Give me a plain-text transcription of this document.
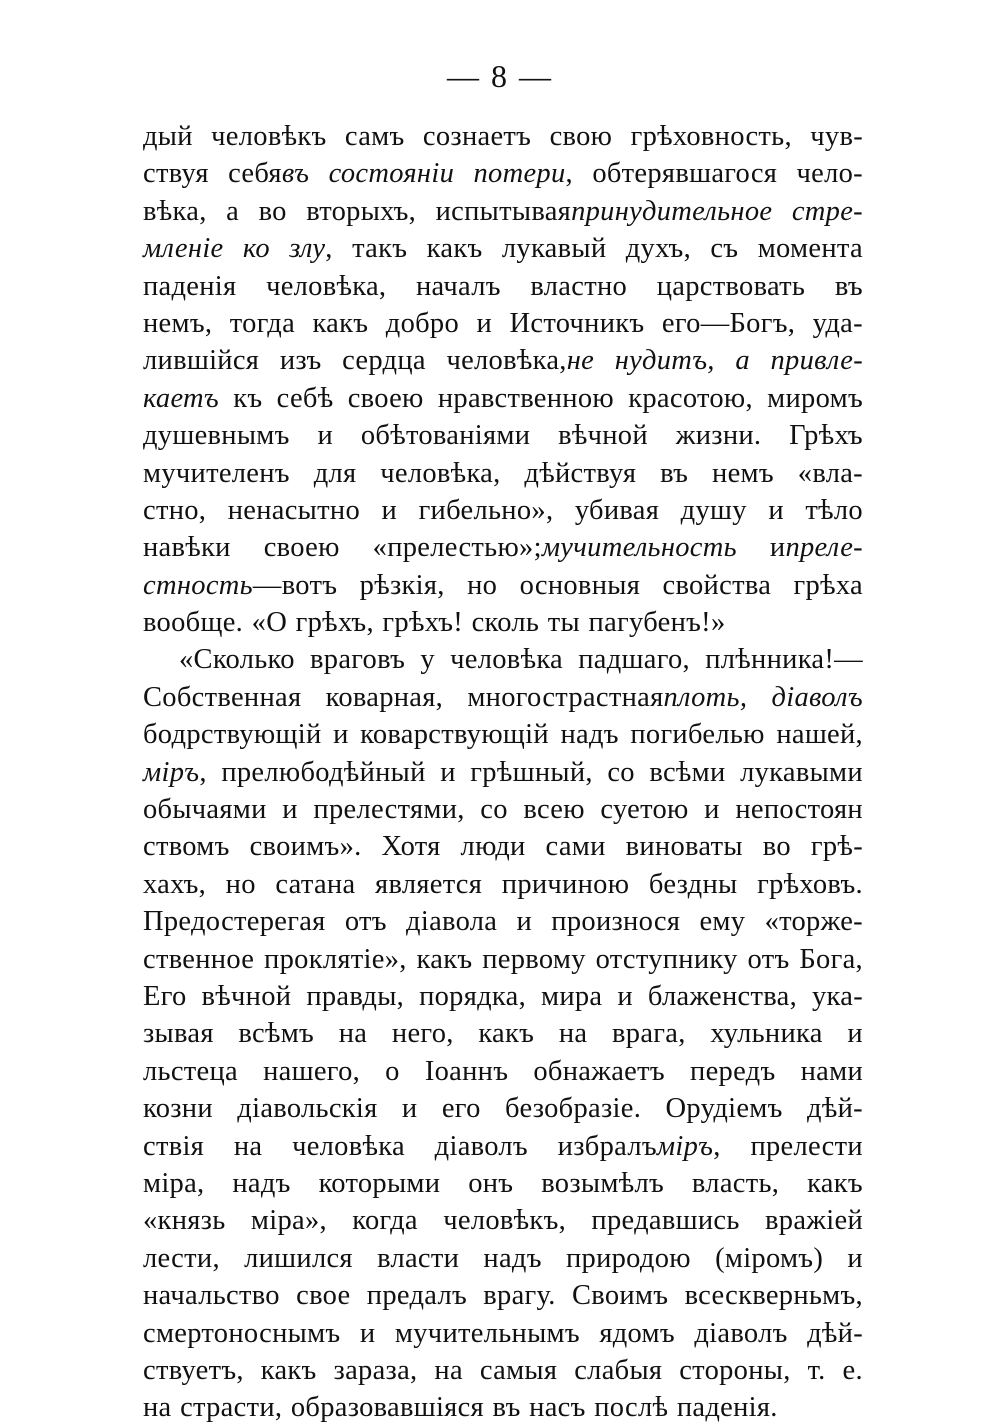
— 8 —
дый человѣкъ самъ сознаетъ свою грѣховность, чув-
ствуя себявъ состояніи потери, обтерявшагося чело-
вѣка, а во вторыхъ, испытываяпринудительное стре-
мленіе ко злу, такъ какъ лукавый духъ, съ момента
паденія человѣка, началъ властно царствовать въ
немъ, тогда какъ добро и Источникъ его—Богъ, уда-
лившійся изъ сердца человѣка,не нудитъ, а привле-
каетъ къ себѣ своею нравственною красотою, миромъ
душевнымъ и обѣтованіями вѣчной жизни. Грѣхъ
мучителенъ для человѣка, дѣйствуя въ немъ «вла-
стно, ненасытно и гибельно», убивая душу и тѣло
навѣки своею «прелестью»;мучительность ипреле-
стность—вотъ рѣзкія, но основныя свойства грѣха
вообще. «О грѣхъ, грѣхъ! сколь ты пагубенъ!»
«Сколько враговъ у человѣка падшаго, плѣнника!—
Собственная коварная, многострастнаяплоть, діаволъ
бодрствующій и коварствующій надъ погибелью нашей,
міръ, прелюбодѣйный и грѣшный, со всѣми лукавыми
обычаями и прелестями, со всею суетою и непостоян
ствомъ своимъ». Хотя люди сами виноваты во грѣ-
хахъ, но сатана является причиною бездны грѣховъ.
Предостерегая отъ діавола и произнося ему «торже-
ственное проклятіе», какъ первому отступнику отъ Бога,
Его вѣчной правды, порядка, мира и блаженства, ука-
зывая всѣмъ на него, какъ на врага, хульника и
льстеца нашего, о Іоаннъ обнажаетъ передъ нами
козни діавольскія и его безобразіе. Орудіемъ дѣй-
ствія на человѣка діаволъ избралъміръ, прелести
міра, надъ которыми онъ возымѣлъ власть, какъ
«князь міра», когда человѣкъ, предавшись вражіей
лести, лишился власти надъ природою (міромъ) и
начальство свое предалъ врагу. Своимъ всескверньмъ,
смертоноснымъ и мучительнымъ ядомъ діаволъ дѣй-
ствуетъ, какъ зараза, на самыя слабыя стороны, т. е.
на страсти, образовавшіяся въ насъ послѣ паденія.
